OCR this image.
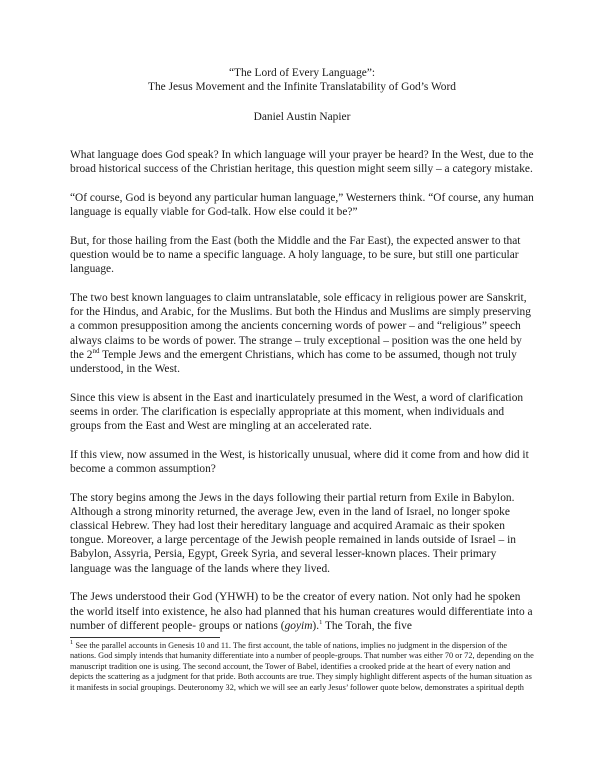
“The Lord of Every Language”:
The Jesus Movement and the Infinite Translatability of God’s Word

Daniel Austin Napier

What language does God speak? In which language will your prayer be heard? In the West, due to the broad historical success of the Christian heritage, this question might seem silly – a category mistake.

“Of course, God is beyond any particular human language,” Westerners think. “Of course, any human language is equally viable for God-talk. How else could it be?”

But, for those hailing from the East (both the Middle and the Far East), the expected answer to that question would be to name a specific language. A holy language, to be sure, but still one particular language.

The two best known languages to claim untranslatable, sole efficacy in religious power are Sanskrit, for the Hindus, and Arabic, for the Muslims. But both the Hindus and Muslims are simply preserving a common presupposition among the ancients concerning words of power – and “religious” speech always claims to be words of power. The strange – truly exceptional – position was the one held by the 2nd Temple Jews and the emergent Christians, which has come to be assumed, though not truly understood, in the West.

Since this view is absent in the East and inarticulately presumed in the West, a word of clarification seems in order. The clarification is especially appropriate at this moment, when individuals and groups from the East and West are mingling at an accelerated rate.

If this view, now assumed in the West, is historically unusual, where did it come from and how did it become a common assumption?

The story begins among the Jews in the days following their partial return from Exile in Babylon. Although a strong minority returned, the average Jew, even in the land of Israel, no longer spoke classical Hebrew. They had lost their hereditary language and acquired Aramaic as their spoken tongue. Moreover, a large percentage of the Jewish people remained in lands outside of Israel – in Babylon, Assyria, Persia, Egypt, Greek Syria, and several lesser-known places. Their primary language was the language of the lands where they lived.

The Jews understood their God (YHWH) to be the creator of every nation. Not only had he spoken the world itself into existence, he also had planned that his human creatures would differentiate into a number of different people- groups or nations (goyim).$^1$ The Torah, the five

$^1$ See the parallel accounts in Genesis 10 and 11. The first account, the table of nations, implies no judgment in the dispersion of the nations. God simply intends that humanity differentiate into a number of people-groups. That number was either 70 or 72, depending on the manuscript tradition one is using. The second account, the Tower of Babel, identifies a crooked pride at the heart of every nation and depicts the scattering as a judgment for that pride. Both accounts are true. They simply highlight different aspects of the human situation as it manifests in social groupings. Deuteronomy 32, which we will see an early Jesus’ follower quote below, demonstrates a spiritual depth
